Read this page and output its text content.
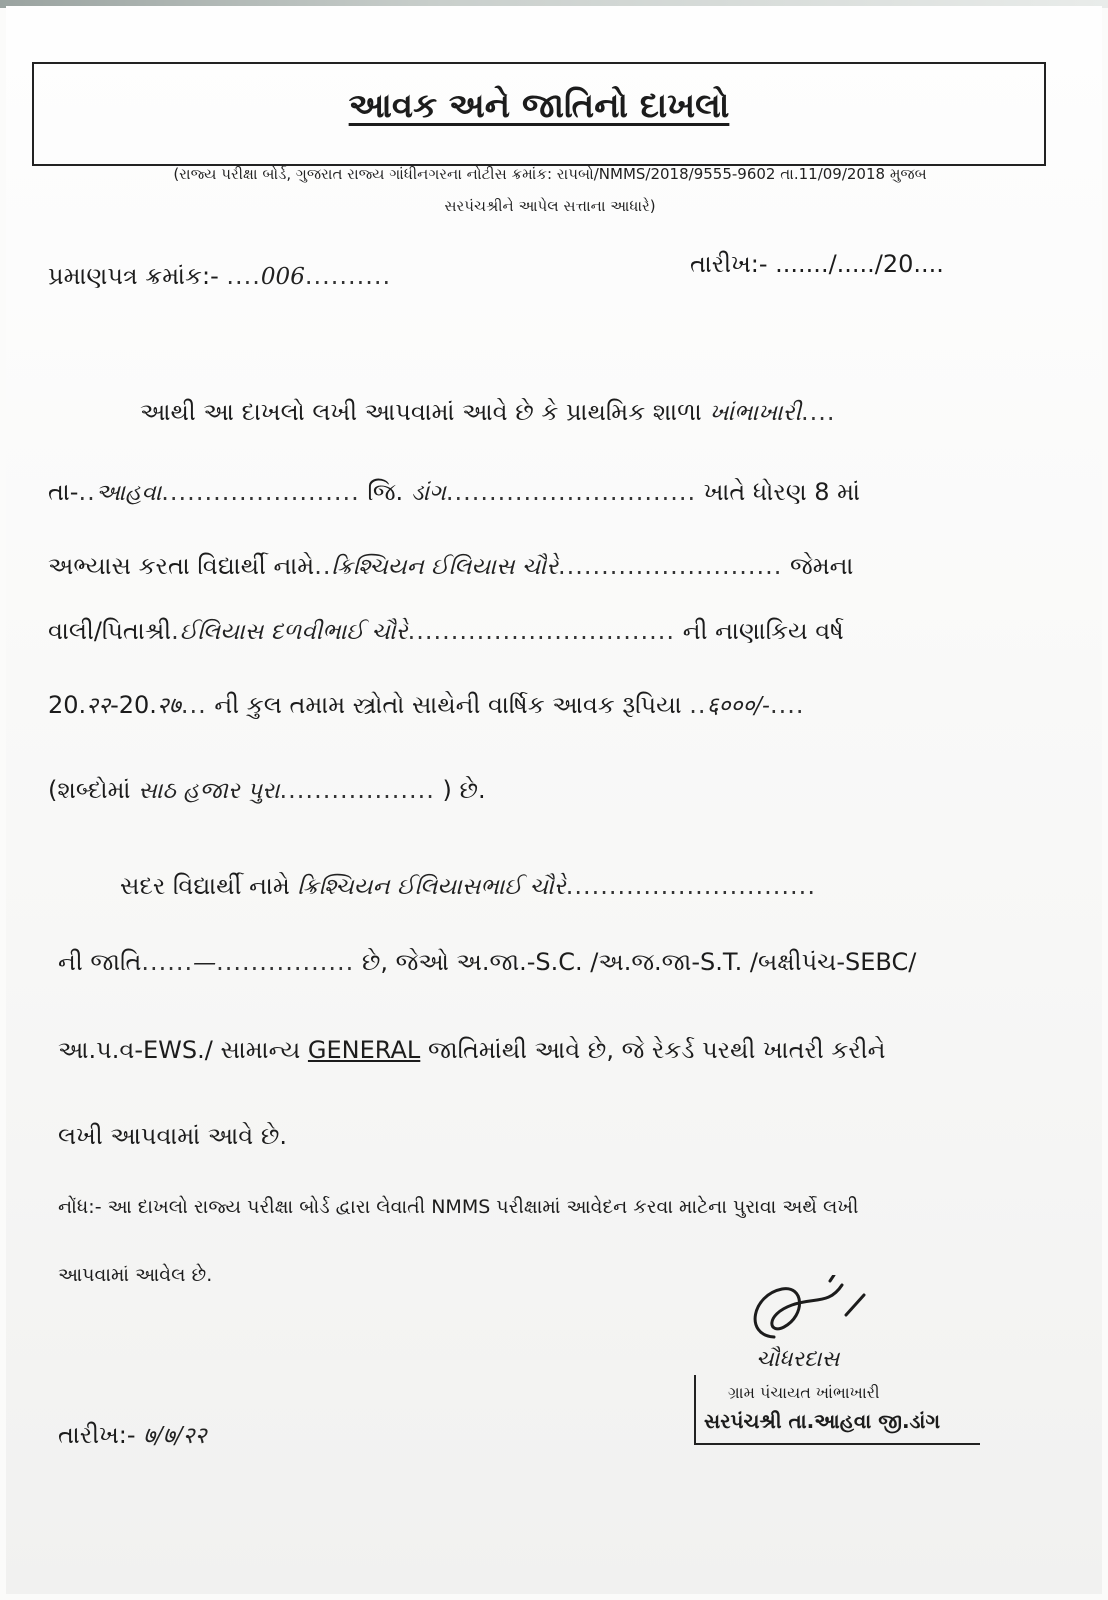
આવક અને જાતિનો દાખલો
(રાજ્ય પરીક્ષા બોર્ડ, ગુજરાત રાજ્ય ગાંધીનગરના નોટીસ ક્રમાંક: રાપબો/NMMS/2018/9555-9602 તા.11/09/2018 મુજબ
સરપંચશ્રીને આપેલ સત્તાના આધારે)
પ્રમાણપત્ર ક્રમાંક:- ....006..........	તારીખ:- ......./...../20....
આથી આ દાખલો લખી આપવામાં આવે છે કે પ્રાથમિક શાળા ખાંભાખારી....
તા-..આહવા....................... જિ. ડાંગ............................. ખાતે ધોરણ 8 માં
અભ્યાસ કરતા વિદ્યાર્થી નામે..ક્રિશ્ચિયન ઈલિયાસ ચૌરે.......................... જેમના
વાલી/પિતાશ્રી.ઈલિયાસ દળવીભાઈ ચૌરે............................... ની નાણાકિય વર્ષ
20.२२-20.२७... ની કુલ તમામ સ્ત્રોતો સાથેની વાર્ષિક આવક રૂપિયા ..६०००/-....
(શબ્દોમાં સાઠ હજાર પુરા.................. ) છે.
સદર વિદ્યાર્થી નામે ક્રિશ્ચિયન ઈલિયાસભાઈ ચૌરે.............................
ની જાતિ......—................ છે, જેઓ અ.જા.-S.C. /અ.જ.જા-S.T. /બક્ષીપંચ-SEBC/
આ.પ.વ-EWS./ સામાન્ય GENERAL જાતિમાંથી આવે છે, જે રેકર્ડ પરથી ખાતરી કરીને
લખી આપવામાં આવે છે.
નોંધ:- આ દાખલો રાજ્ય પરીક્ષા બોર્ડ દ્વારા લેવાતી NMMS પરીક્ષામાં આવેદન કરવા માટેના પુરાવા અર્થે લખી
આપવામાં આવેલ છે.
ચૌધરદાસ
ગ્રામ પંચાયત ખાંભાખારી
સરપંચશ્રી તા.આહવા જી.ડાંગ
તારીખ:- ७/७/२२
